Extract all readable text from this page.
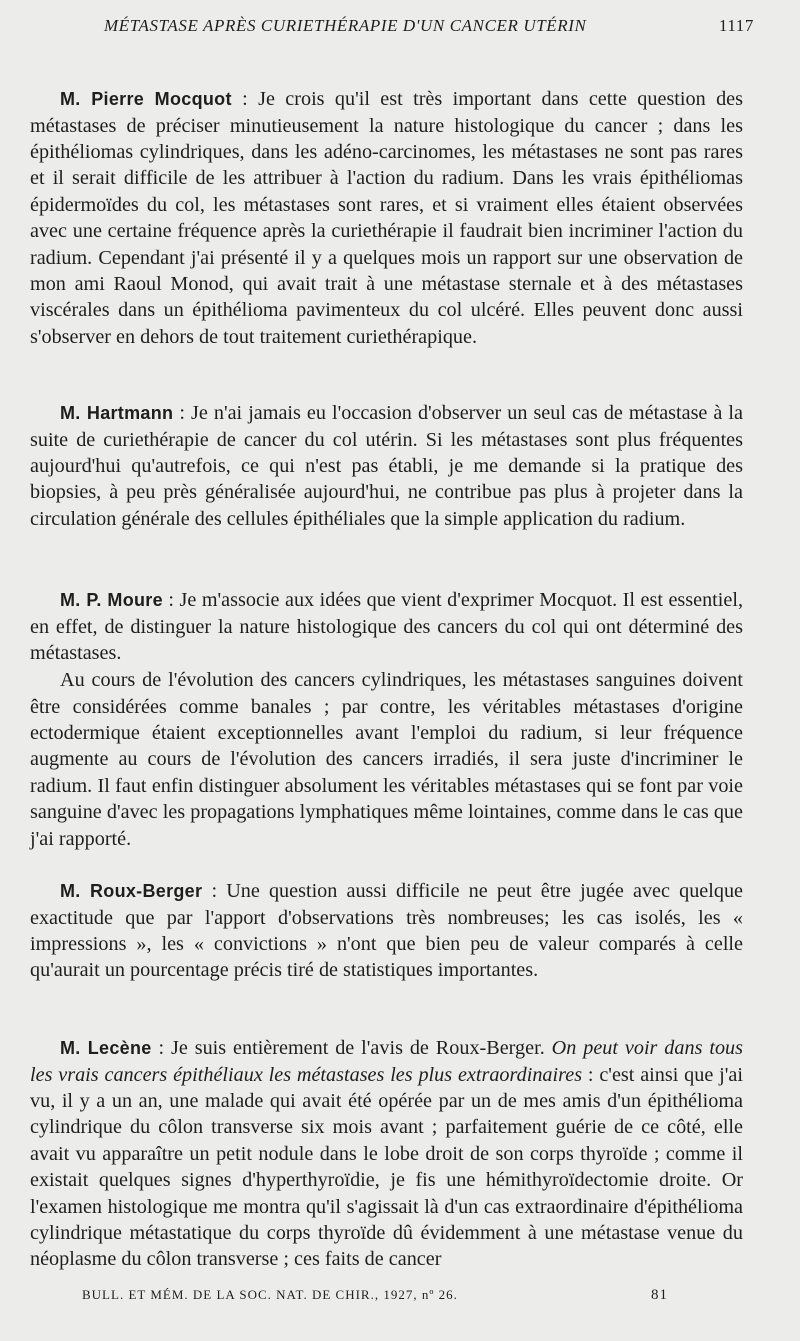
MÉTASTASE APRÈS CURIETHÉRAPIE D'UN CANCER UTÉRIN	1117

M. Pierre Mocquot : Je crois qu'il est très important dans cette question des métastases de préciser minutieusement la nature histologique du cancer ; dans les épithéliomas cylindriques, dans les adéno-carcinomes, les métastases ne sont pas rares et il serait difficile de les attribuer à l'action du radium. Dans les vrais épithéliomas épidermoïdes du col, les métastases sont rares, et si vraiment elles étaient observées avec une certaine fréquence après la curiethérapie il faudrait bien incriminer l'action du radium. Cependant j'ai présenté il y a quelques mois un rapport sur une observation de mon ami Raoul Monod, qui avait trait à une métastase sternale et à des métastases viscérales dans un épithélioma pavimenteux du col ulcéré. Elles peuvent donc aussi s'observer en dehors de tout traitement curiethérapique.

M. Hartmann : Je n'ai jamais eu l'occasion d'observer un seul cas de métastase à la suite de curiethérapie de cancer du col utérin. Si les métastases sont plus fréquentes aujourd'hui qu'autrefois, ce qui n'est pas établi, je me demande si la pratique des biopsies, à peu près généralisée aujourd'hui, ne contribue pas plus à projeter dans la circulation générale des cellules épithéliales que la simple application du radium.

M. P. Moure : Je m'associe aux idées que vient d'exprimer Mocquot. Il est essentiel, en effet, de distinguer la nature histologique des cancers du col qui ont déterminé des métastases.

Au cours de l'évolution des cancers cylindriques, les métastases sanguines doivent être considérées comme banales ; par contre, les véritables métastases d'origine ectodermique étaient exceptionnelles avant l'emploi du radium, si leur fréquence augmente au cours de l'évolution des cancers irradiés, il sera juste d'incriminer le radium. Il faut enfin distinguer absolument les véritables métastases qui se font par voie sanguine d'avec les propagations lymphatiques même lointaines, comme dans le cas que j'ai rapporté.

M. Roux-Berger : Une question aussi difficile ne peut être jugée avec quelque exactitude que par l'apport d'observations très nombreuses; les cas isolés, les « impressions », les « convictions » n'ont que bien peu de valeur comparés à celle qu'aurait un pourcentage précis tiré de statistiques importantes.

M. Lecène : Je suis entièrement de l'avis de Roux-Berger. On peut voir dans tous les vrais cancers épithéliaux les métastases les plus extraordinaires : c'est ainsi que j'ai vu, il y a un an, une malade qui avait été opérée par un de mes amis d'un épithélioma cylindrique du côlon transverse six mois avant ; parfaitement guérie de ce côté, elle avait vu apparaître un petit nodule dans le lobe droit de son corps thyroïde ; comme il existait quelques signes d'hyperthyroïdie, je fis une hémithyroïdectomie droite. Or l'examen histologique me montra qu'il s'agissait là d'un cas extraordinaire d'épithélioma cylindrique métastatique du corps thyroïde dû évidemment à une métastase venue du néoplasme du côlon transverse ; ces faits de cancer

BULL. ET MÉM. DE LA SOC. NAT. DE CHIR., 1927, nº 26.	81
